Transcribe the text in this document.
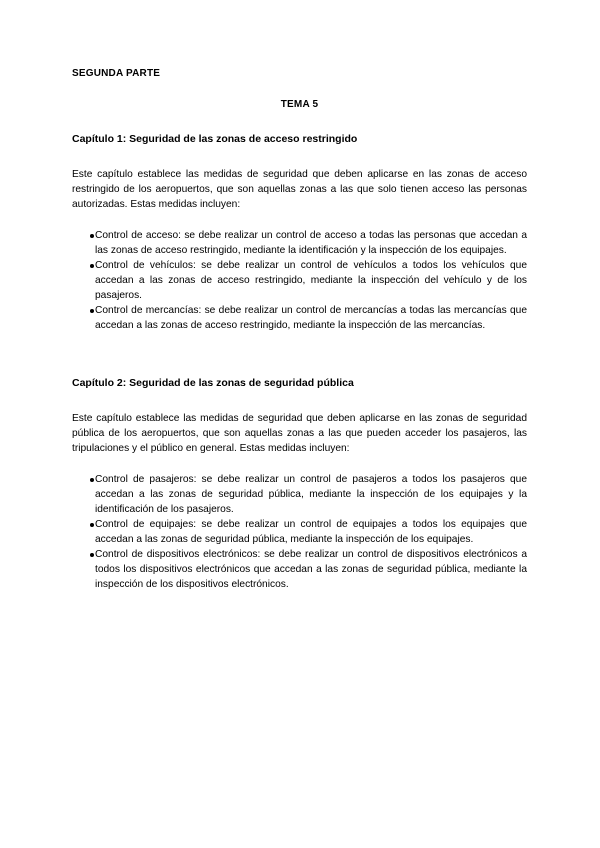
SEGUNDA PARTE
TEMA 5
Capítulo 1: Seguridad de las zonas de acceso restringido
Este capítulo establece las medidas de seguridad que deben aplicarse en las zonas de acceso restringido de los aeropuertos, que son aquellas zonas a las que solo tienen acceso las personas autorizadas. Estas medidas incluyen:
Control de acceso: se debe realizar un control de acceso a todas las personas que accedan a las zonas de acceso restringido, mediante la identificación y la inspección de los equipajes.
Control de vehículos: se debe realizar un control de vehículos a todos los vehículos que accedan a las zonas de acceso restringido, mediante la inspección del vehículo y de los pasajeros.
Control de mercancías: se debe realizar un control de mercancías a todas las mercancías que accedan a las zonas de acceso restringido, mediante la inspección de las mercancías.
Capítulo 2: Seguridad de las zonas de seguridad pública
Este capítulo establece las medidas de seguridad que deben aplicarse en las zonas de seguridad pública de los aeropuertos, que son aquellas zonas a las que pueden acceder los pasajeros, las tripulaciones y el público en general. Estas medidas incluyen:
Control de pasajeros: se debe realizar un control de pasajeros a todos los pasajeros que accedan a las zonas de seguridad pública, mediante la inspección de los equipajes y la identificación de los pasajeros.
Control de equipajes: se debe realizar un control de equipajes a todos los equipajes que accedan a las zonas de seguridad pública, mediante la inspección de los equipajes.
Control de dispositivos electrónicos: se debe realizar un control de dispositivos electrónicos a todos los dispositivos electrónicos que accedan a las zonas de seguridad pública, mediante la inspección de los dispositivos electrónicos.
